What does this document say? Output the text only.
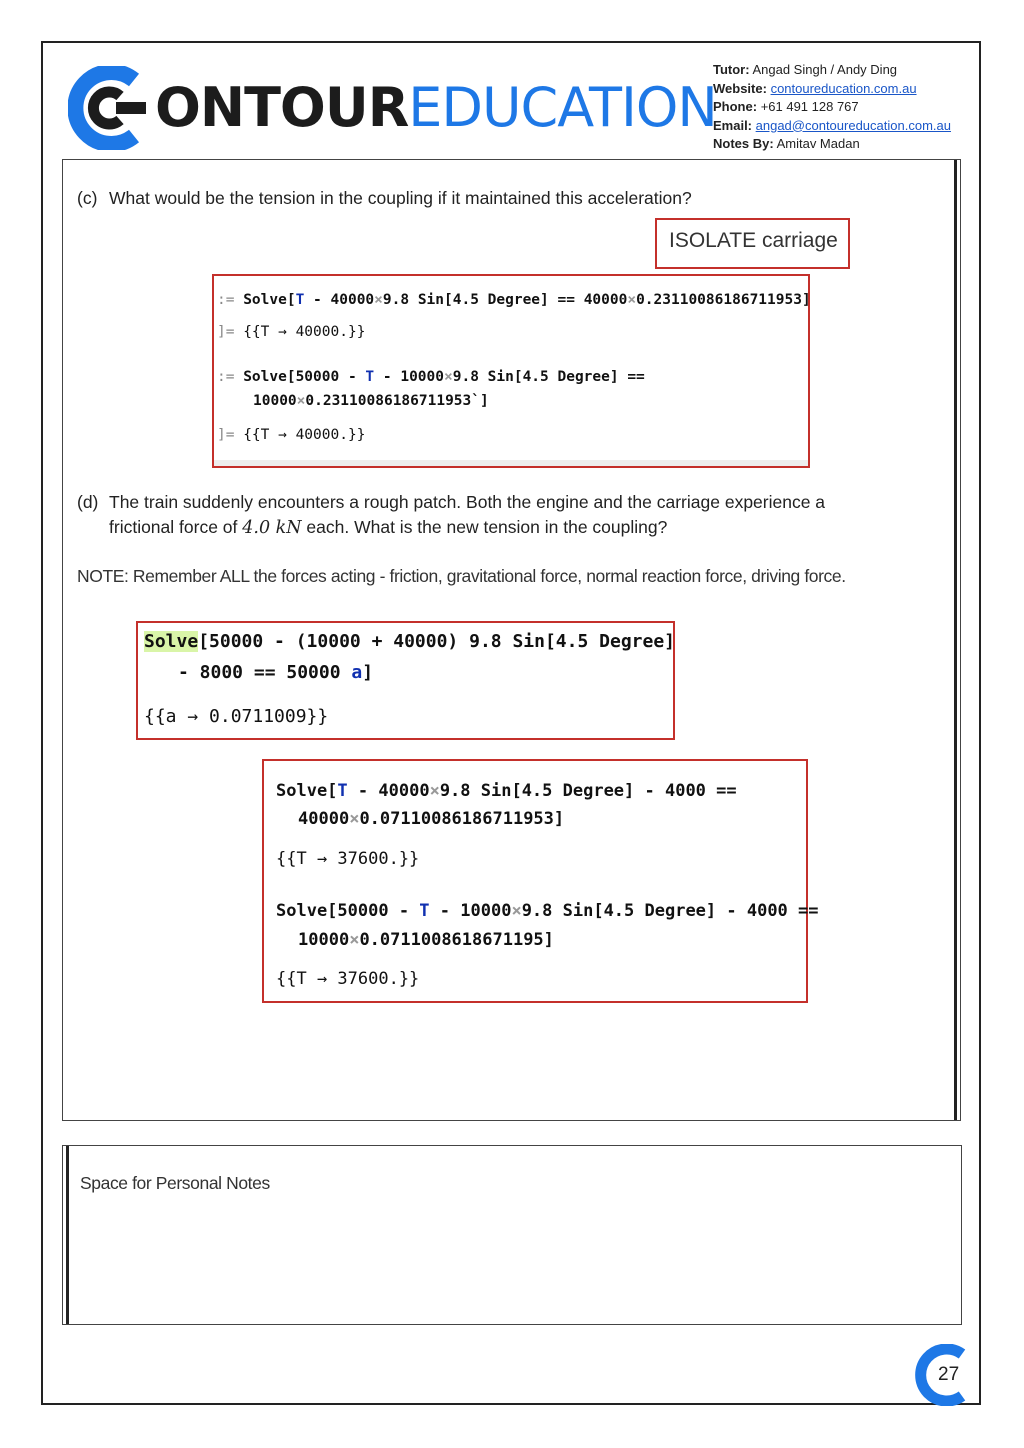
ONTOUREDUCATION
Tutor: Angad Singh / Andy Ding
Website: contoureducation.com.au
Phone: +61 491 128 767
Email: angad@contoureducation.com.au
Notes By: Amitav Madan
(c) What would be the tension in the coupling if it maintained this acceleration?
ISOLATE carriage
:= Solve[T - 40000×9.8 Sin[4.5 Degree] == 40000×0.23110086186711953]
]= {{T → 40000.}}
:= Solve[50000 - T - 10000×9.8 Sin[4.5 Degree] ==
10000×0.23110086186711953`]
]= {{T → 40000.}}
(d) The train suddenly encounters a rough patch. Both the engine and the carriage experience a
frictional force of 4.0 kN each. What is the new tension in the coupling?
NOTE: Remember ALL the forces acting - friction, gravitational force, normal reaction force, driving force.
Solve[50000 - (10000 + 40000) 9.8 Sin[4.5 Degree]
- 8000 == 50000 a]
{{a → 0.0711009}}
Solve[T - 40000×9.8 Sin[4.5 Degree] - 4000 ==
40000×0.07110086186711953]
{{T → 37600.}}
Solve[50000 - T - 10000×9.8 Sin[4.5 Degree] - 4000 ==
10000×0.0711008618671195]
{{T → 37600.}}
Space for Personal Notes
27
